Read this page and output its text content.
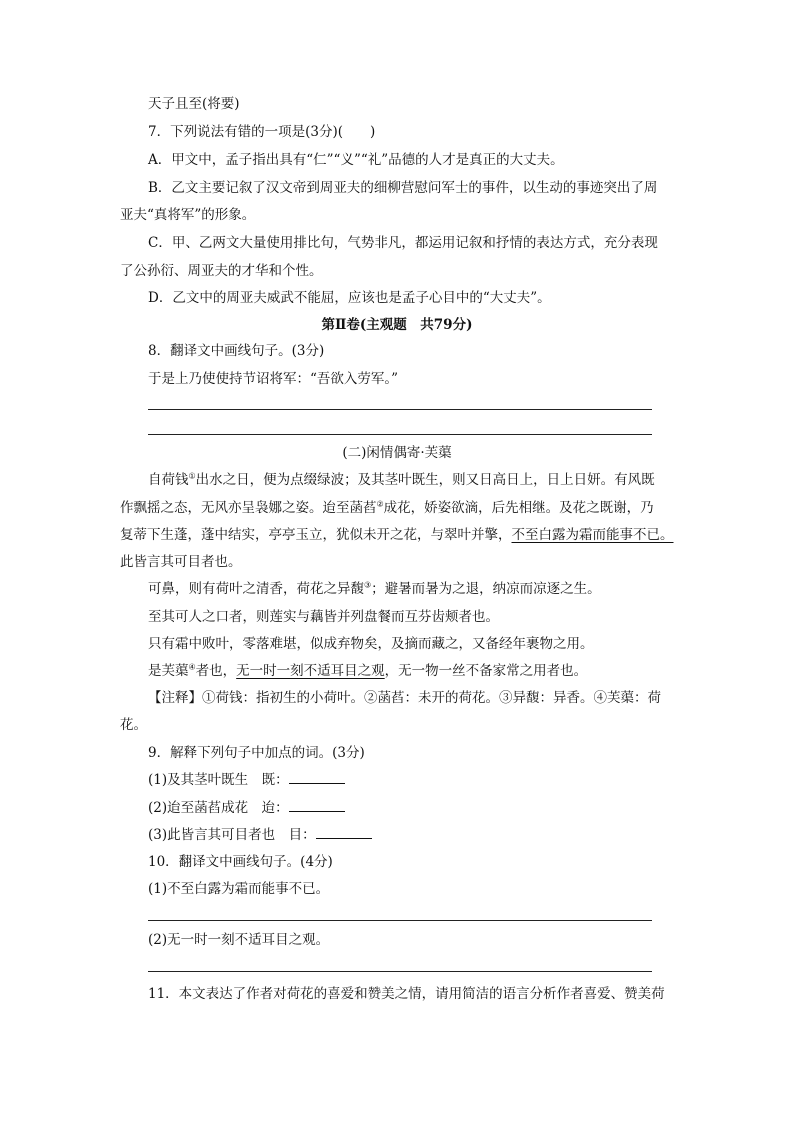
天子且至(将要)
7．下列说法有错的一项是(3分)(　　)
A．甲文中，孟子指出具有“仁”“义”“礼”品德的人才是真正的大丈夫。
B．乙文主要记叙了汉文帝到周亚夫的细柳营慰问军士的事件，以生动的事迹突出了周
亚夫“真将军”的形象。
C．甲、乙两文大量使用排比句，气势非凡，都运用记叙和抒情的表达方式，充分表现
了公孙衍、周亚夫的才华和个性。
D．乙文中的周亚夫威武不能屈，应该也是孟子心目中的“大丈夫”。
第Ⅱ卷(主观题　共79分)
8．翻译文中画线句子。(3分)
于是上乃使使持节诏将军：“吾欲入劳军。”
(二)闲情偶寄·芙蕖
自荷钱①出水之日，便为点缀绿波；及其茎叶既生，则又日高日上，日上日妍。有风既
作飘摇之态，无风亦呈袅娜之姿。迨至菡萏②成花，娇姿欲滴，后先相继。及花之既谢，乃
复蒂下生蓬，蓬中结实，亭亭玉立，犹似未开之花，与翠叶并擎，不至白露为霜而能事不已。
此皆言其可目者也。
可鼻，则有荷叶之清香，荷花之异馥③；避暑而暑为之退，纳凉而凉逐之生。
至其可人之口者，则莲实与藕皆并列盘餐而互芬齿颊者也。
只有霜中败叶，零落难堪，似成弃物矣，及摘而藏之，又备经年裹物之用。
是芙蕖④者也，无一时一刻不适耳目之观，无一物一丝不备家常之用者也。
【注释】①荷钱：指初生的小荷叶。②菡萏：未开的荷花。③异馥：异香。④芙蕖：荷
花。
9．解释下列句子中加点的词。(3分)
(1)及其茎叶既生　既：
(2)迨至菡萏成花　迨：
(3)此皆言其可目者也　目：
10．翻译文中画线句子。(4分)
(1)不至白露为霜而能事不已。
(2)无一时一刻不适耳目之观。
11．本文表达了作者对荷花的喜爱和赞美之情，请用简洁的语言分析作者喜爱、赞美荷
